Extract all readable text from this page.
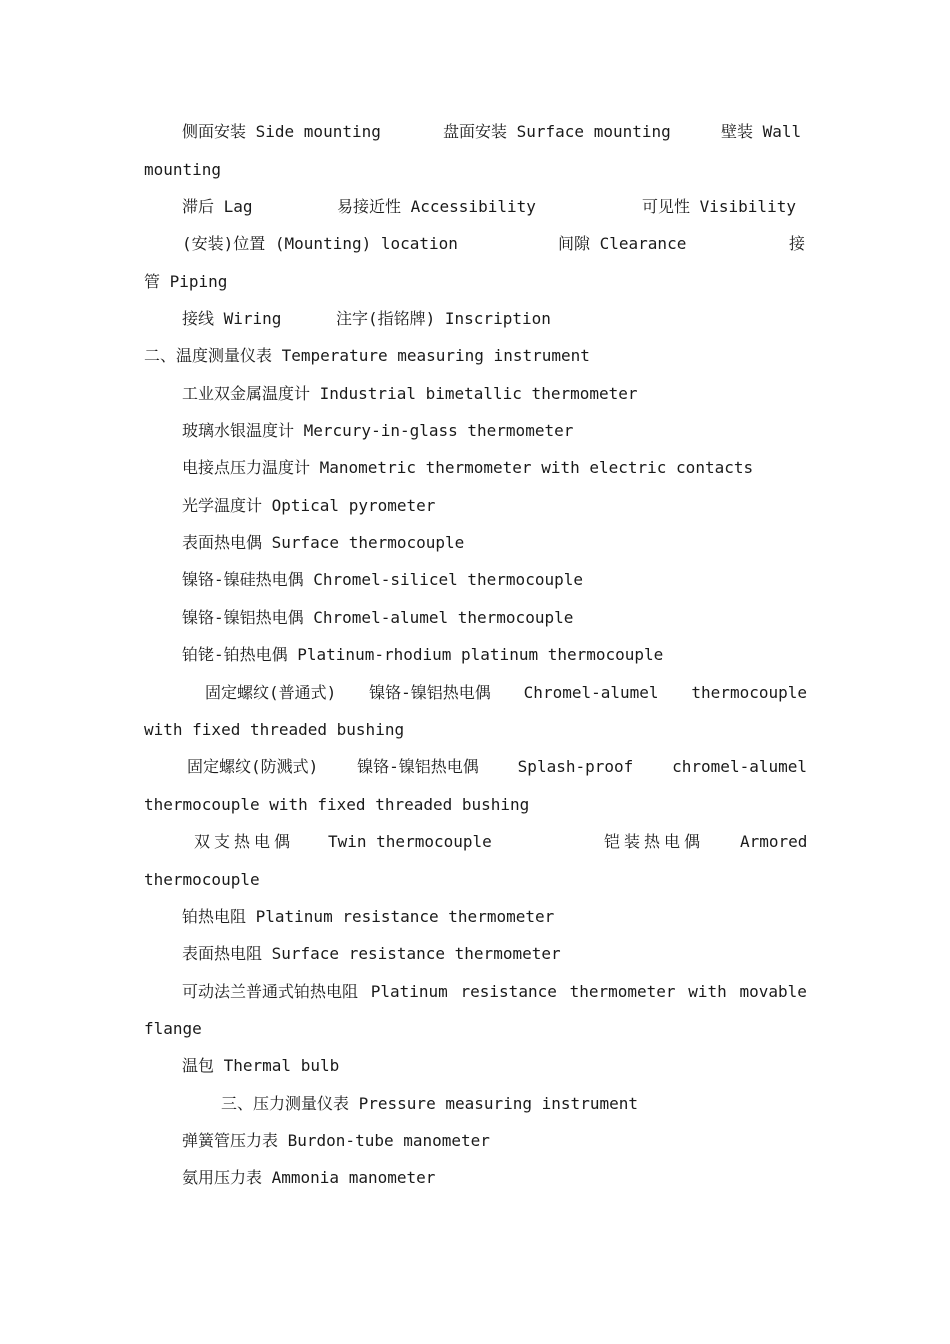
侧面安装 Side mounting	盘面安装 Surface mounting	壁装 Wall
mounting
滞后 Lag	易接近性 Accessibility	可见性 Visibility
(安装)位置 (Mounting) location	间隙 Clearance	接
管 Piping
接线 Wiring	注字(指铭牌) Inscription
二、温度测量仪表 Temperature measuring instrument
工业双金属温度计 Industrial bimetallic thermometer
玻璃水银温度计 Mercury-in-glass thermometer
电接点压力温度计 Manometric thermometer with electric contacts
光学温度计 Optical pyrometer
表面热电偶 Surface thermocouple
镍铬-镍硅热电偶 Chromel-silicel thermocouple
镍铬-镍铝热电偶 Chromel-alumel thermocouple
铂铑-铂热电偶 Platinum-rhodium platinum thermocouple
固定螺纹(普通式) 镍铬-镍铝热电偶 Chromel-alumel thermocouple
with fixed threaded bushing
固定螺纹(防溅式) 镍铬-镍铝热电偶 Splash-proof chromel-alumel
thermocouple with fixed threaded bushing
双支热电偶 Twin thermocouple	铠装热电偶 Armored
thermocouple
铂热电阻 Platinum resistance thermometer
表面热电阻 Surface resistance thermometer
可动法兰普通式铂热电阻 Platinum resistance thermometer with movable
flange
温包 Thermal bulb
三、压力测量仪表 Pressure measuring instrument
弹簧管压力表 Burdon-tube manometer
氨用压力表 Ammonia manometer
